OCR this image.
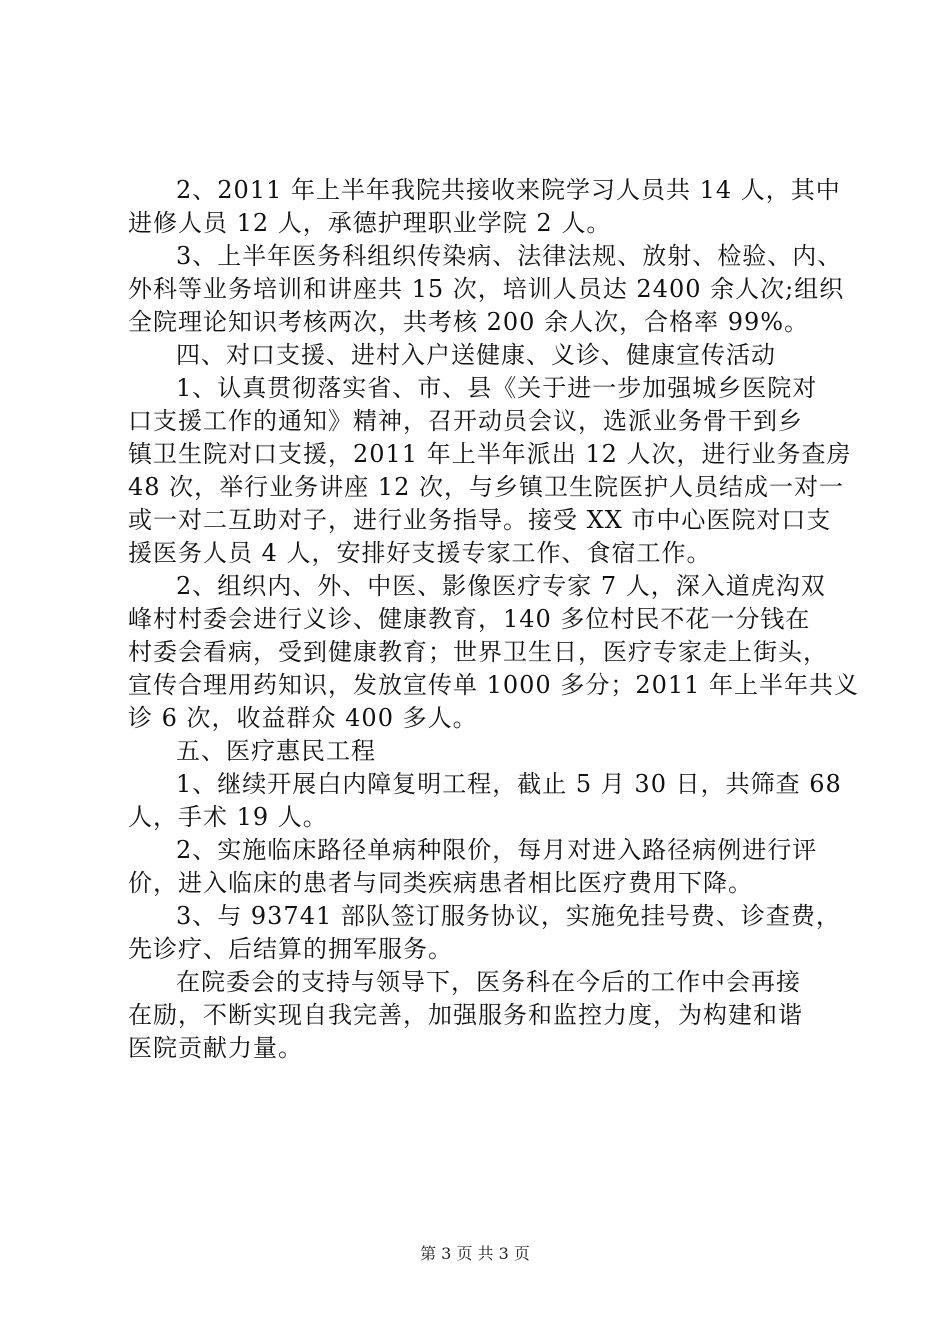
2、2011 年上半年我院共接收来院学习人员共 14 人，其中
进修人员 12 人，承德护理职业学院 2 人。
3、上半年医务科组织传染病、法律法规、放射、检验、内、
外科等业务培训和讲座共 15 次，培训人员达 2400 余人次;组织
全院理论知识考核两次，共考核 200 余人次，合格率 99%。
四、对口支援、进村入户送健康、义诊、健康宣传活动
1、认真贯彻落实省、市、县《关于进一步加强城乡医院对
口支援工作的通知》精神，召开动员会议，选派业务骨干到乡
镇卫生院对口支援，2011 年上半年派出 12 人次，进行业务查房
48 次，举行业务讲座 12 次，与乡镇卫生院医护人员结成一对一
或一对二互助对子，进行业务指导。接受 XX 市中心医院对口支
援医务人员 4 人，安排好支援专家工作、食宿工作。
2、组织内、外、中医、影像医疗专家 7 人，深入道虎沟双
峰村村委会进行义诊、健康教育，140 多位村民不花一分钱在
村委会看病，受到健康教育；世界卫生日，医疗专家走上街头，
宣传合理用药知识，发放宣传单 1000 多分；2011 年上半年共义
诊 6 次，收益群众 400 多人。
五、医疗惠民工程
1、继续开展白内障复明工程，截止 5 月 30 日，共筛查 68
人，手术 19 人。
2、实施临床路径单病种限价，每月对进入路径病例进行评
价，进入临床的患者与同类疾病患者相比医疗费用下降。
3、与 93741 部队签订服务协议，实施免挂号费、诊查费，
先诊疗、后结算的拥军服务。
在院委会的支持与领导下，医务科在今后的工作中会再接
在励，不断实现自我完善，加强服务和监控力度，为构建和谐
医院贡献力量。
第 3 页 共 3 页
